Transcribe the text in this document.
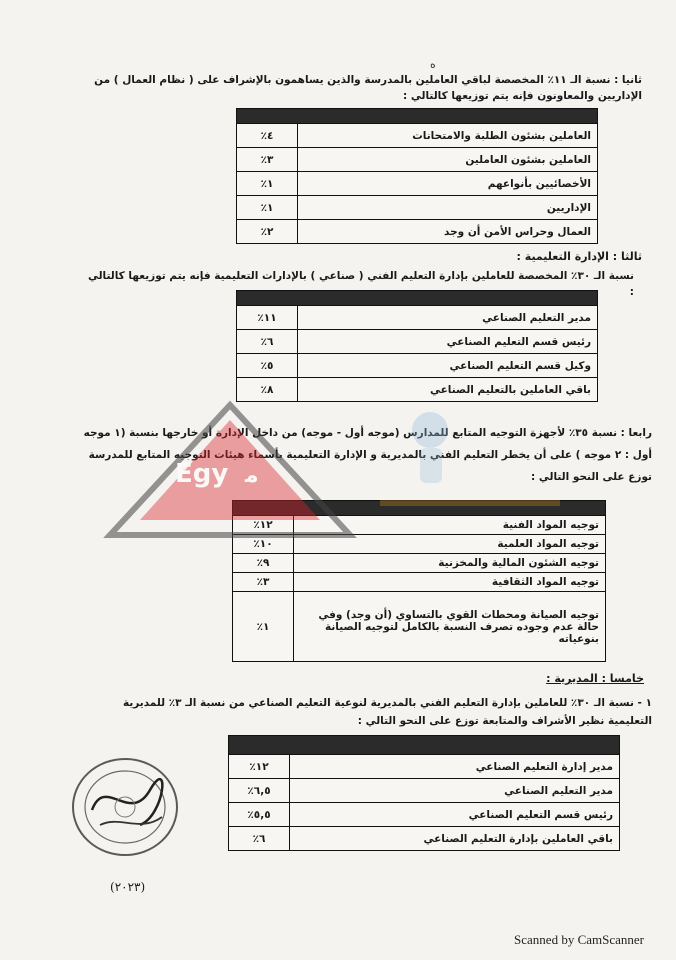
ﻩ
ثانيا : نسبة الـ ١١٪ المخصصة لباقي العاملين بالمدرسة والذين يساهمون بالإشراف على ( نظام العمال ) من الإداريين والمعاونون فإنه يتم توزيعها كالتالي :

العاملين بشئون الطلبة والامتحانات	٤٪
العاملين بشئون العاملين	٣٪
الأخصائيين بأنواعهم	١٪
الإداريين	١٪
العمال وحراس الأمن أن وجد	٢٪
ثالثا : الإدارة التعليمية :
نسبة الـ ٣٠٪ المخصصة للعاملين بإدارة التعليم الفني ( صناعي ) بالإدارات التعليمية فإنه يتم توزيعها كالتالي :

مدير التعليم الصناعي	١١٪
رئيس قسم التعليم الصناعي	٦٪
وكيل قسم التعليم الصناعي	٥٪
باقي العاملين بالتعليم الصناعي	٨٪
رابعا : نسبة ٣٥٪ لأجهزة التوجيه المتابع للمدارس (موجه أول - موجه) من داخل الإدارة أو خارجها بنسبة (١ موجه أول : ٢ موجه ) على أن يخطر التعليم الفني بالمديرية و الإدارة التعليمية بأسماء هيئات التوجيه المتابع للمدرسة توزع على النحو التالي :

توجيه المواد الفنية	١٢٪
توجيه المواد العلمية	١٠٪
توجيه الشئون المالية والمخزنية	٩٪
توجيه المواد الثقافية	٣٪
توجيه الصيانة ومحطات القوي بالتساوي (أن وجد) وفي حالة عدم وجوده تصرف النسبة بالكامل لتوجيه الصيانة بنوعياته	١٪
خامسا : المديرية :
١ - نسبة الـ ٣٠٪ للعاملين بإدارة التعليم الفني بالمديرية لنوعية التعليم الصناعي من نسبة الـ ٣٪ للمديرية التعليمية نظير الأشراف والمتابعة توزع على النحو التالي :

مدير إدارة التعليم الصناعي	١٢٪
مدير التعليم الصناعي	٦,٥٪
رئيس قسم التعليم الصناعي	٥,٥٪
باقي العاملين بإدارة التعليم الصناعي	٦٪
Egy ﻣ
(٢٠٢٣)
Scanned by CamScanner
